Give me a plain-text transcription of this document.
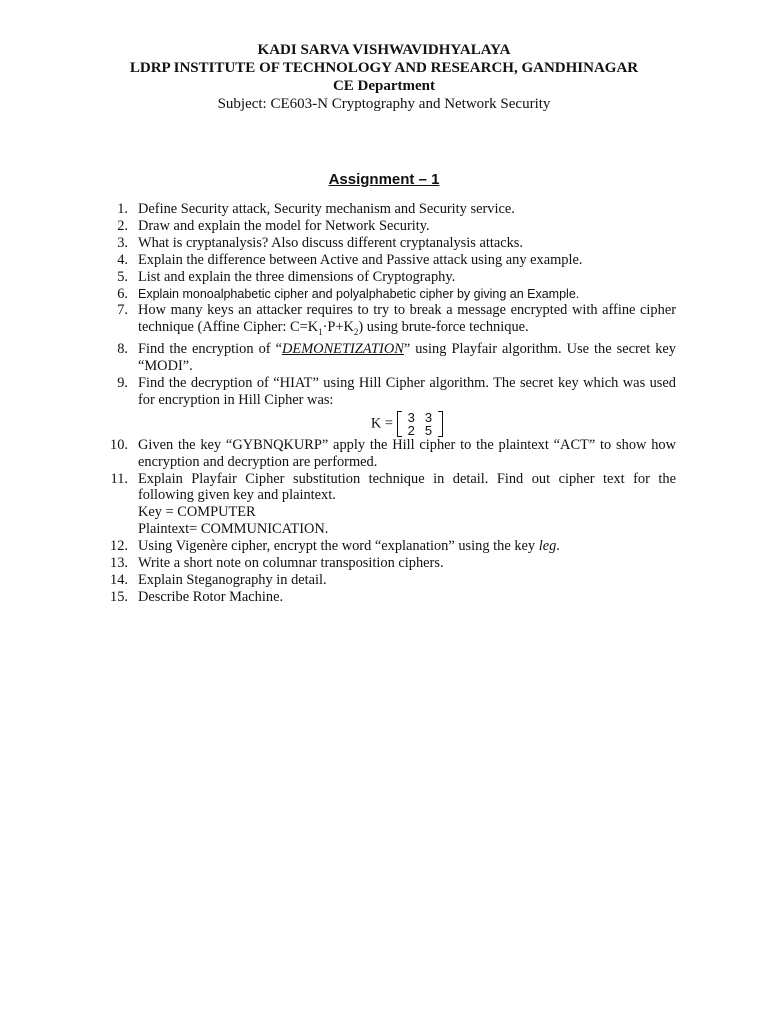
KADI SARVA VISHWAVIDHYALAYA
LDRP INSTITUTE OF TECHNOLOGY AND RESEARCH, GANDHINAGAR
CE Department
Subject: CE603-N Cryptography and Network Security
Assignment – 1
1. Define Security attack, Security mechanism and Security service.
2. Draw and explain the model for Network Security.
3. What is cryptanalysis? Also discuss different cryptanalysis attacks.
4. Explain the difference between Active and Passive attack using any example.
5. List and explain the three dimensions of Cryptography.
6. Explain monoalphabetic cipher and polyalphabetic cipher by giving an Example.
7. How many keys an attacker requires to try to break a message encrypted with affine cipher technique (Affine Cipher: $C=K_1\cdot P+K_2$) using brute-force technique.
8. Find the encryption of “DEMONETIZATION” using Playfair algorithm. Use the secret key “MODI”.
9. Find the decryption of “HIAT” using Hill Cipher algorithm. The secret key which was used for encryption in Hill Cipher was:
K = 3	3
2	5
10. Given the key “GYBNQKURP” apply the Hill cipher to the plaintext “ACT” to show how encryption and decryption are performed.
11. Explain Playfair Cipher substitution technique in detail. Find out cipher text for the following given key and plaintext.
Key = COMPUTER
Plaintext= COMMUNICATION.
12. Using Vigenère cipher, encrypt the word “explanation” using the key leg.
13. Write a short note on columnar transposition ciphers.
14. Explain Steganography in detail.
15. Describe Rotor Machine.
